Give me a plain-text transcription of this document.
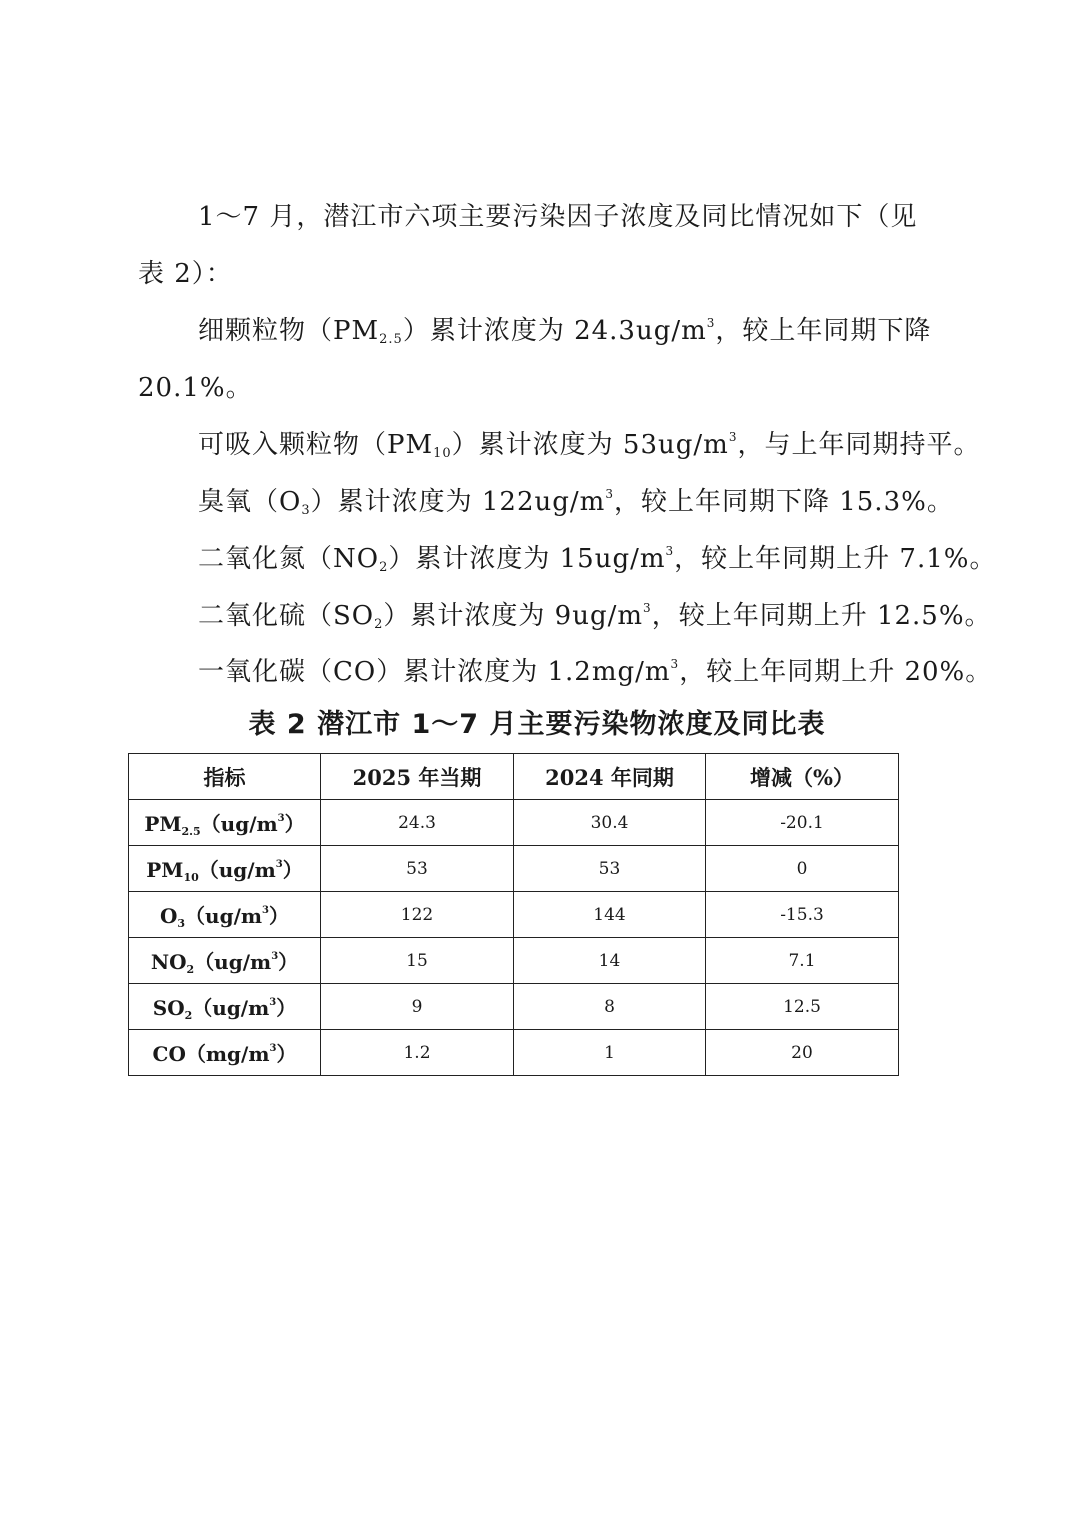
1～7 月，潜江市六项主要污染因子浓度及同比情况如下（见
表 2）：
细颗粒物$(PM_{2.5})$累计浓度为 $24.3ug/m^3$，较上年同期下降
20.1%。
可吸入颗粒物$(PM_{10})$累计浓度为 $53ug/m^3$，与上年同期持平。
臭氧$(O_3)$累计浓度为 $122ug/m^3$，较上年同期下降 15.3%。
二氧化氮$(NO_2)$累计浓度为 $15ug/m^3$，较上年同期上升 7.1%。
二氧化硫$(SO_2)$累计浓度为 $9ug/m^3$，较上年同期上升 12.5%。
一氧化碳（CO）累计浓度为 $1.2mg/m^3$，较上年同期上升 20%。
表 2 潜江市 1～7 月主要污染物浓度及同比表
指标	2025 年当期	2024 年同期	增减（%）
$PM_{2.5}(ug/m^3)$	24.3	30.4	-20.1
$PM_{10}(ug/m^3)$	53	53	0
$O_3(ug/m^3)$	122	144	-15.3
$NO_2(ug/m^3)$	15	14	7.1
$SO_2(ug/m^3)$	9	8	12.5
$CO(mg/m^3)$	1.2	1	20
